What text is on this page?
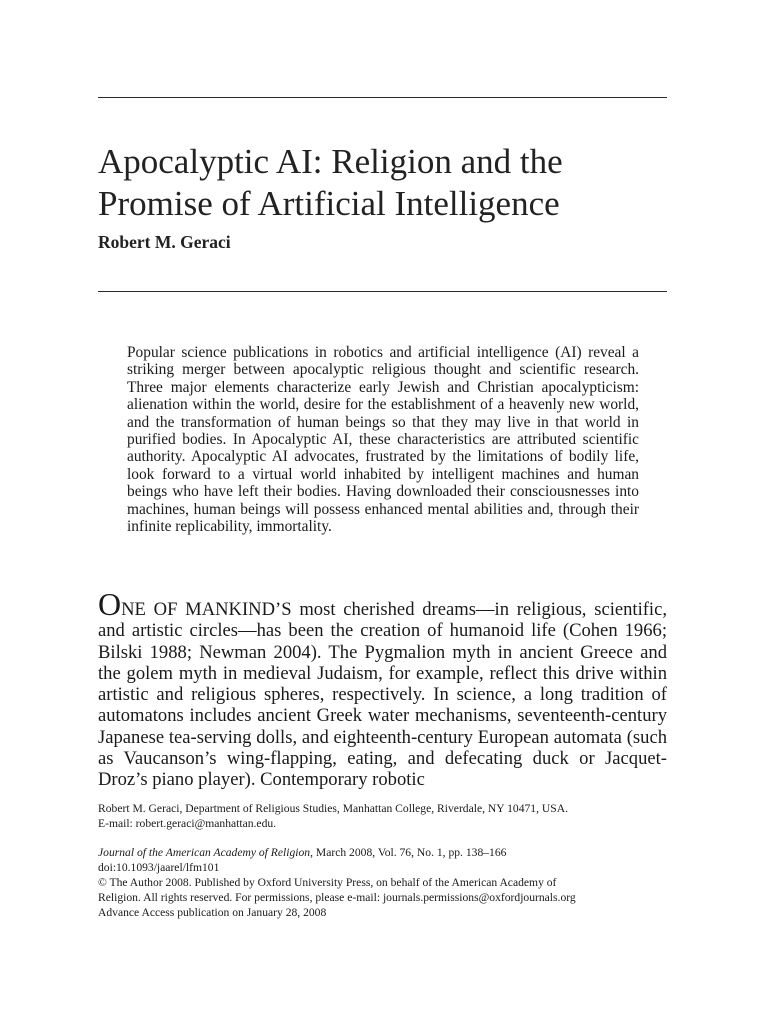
Apocalyptic AI: Religion and the
Promise of Artificial Intelligence
Robert M. Geraci

Popular science publications in robotics and artificial intelligence (AI) reveal a striking merger between apocalyptic religious thought and scientific research. Three major elements characterize early Jewish and Christian apocalypticism: alienation within the world, desire for the establishment of a heavenly new world, and the transformation of human beings so that they may live in that world in purified bodies. In Apocalyptic AI, these characteristics are attributed scientific authority. Apocalyptic AI advocates, frustrated by the limitations of bodily life, look forward to a virtual world inhabited by intelligent machines and human beings who have left their bodies. Having downloaded their consciousnesses into machines, human beings will possess enhanced mental abilities and, through their infinite replicability, immortality.

ONE OF MANKIND’S most cherished dreams—in religious, scientific, and artistic circles—has been the creation of humanoid life (Cohen 1966; Bilski 1988; Newman 2004). The Pygmalion myth in ancient Greece and the golem myth in medieval Judaism, for example, reflect this drive within artistic and religious spheres, respectively. In science, a long tradition of automatons includes ancient Greek water mechanisms, seventeenth-century Japanese tea-serving dolls, and eighteenth-century European automata (such as Vaucanson’s wing-flapping, eating, and defecating duck or Jacquet-Droz’s piano player). Contemporary robotic

Robert M. Geraci, Department of Religious Studies, Manhattan College, Riverdale, NY 10471, USA.
E-mail: robert.geraci@manhattan.edu.
Journal of the American Academy of Religion, March 2008, Vol. 76, No. 1, pp. 138–166
doi:10.1093/jaarel/lfm101
© The Author 2008. Published by Oxford University Press, on behalf of the American Academy of
Religion. All rights reserved. For permissions, please e-mail: journals.permissions@oxfordjournals.org
Advance Access publication on January 28, 2008
